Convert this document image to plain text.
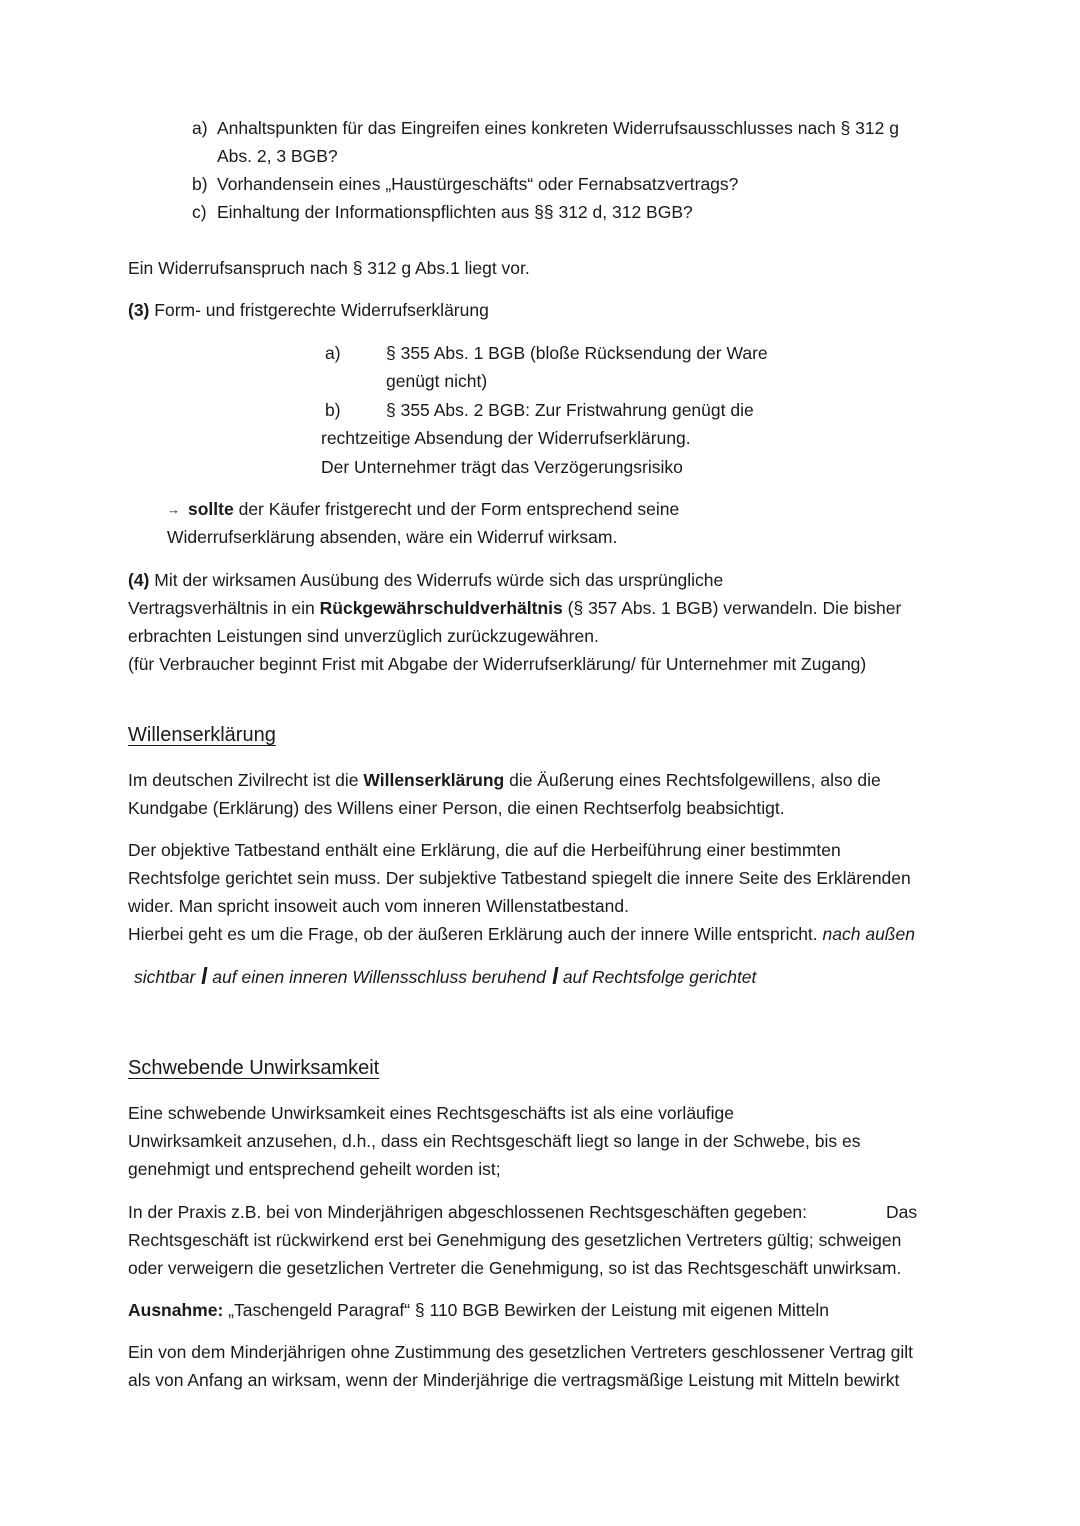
a) Anhaltspunkten für das Eingreifen eines konkreten Widerrufsausschlusses nach § 312 g
Abs. 2, 3 BGB?
b) Vorhandensein eines „Haustürgeschäfts“ oder Fernabsatzvertrags?
c) Einhaltung der Informationspflichten aus §§ 312 d, 312 BGB?
Ein Widerrufsanspruch nach § 312 g Abs.1 liegt vor.
(3) Form- und fristgerechte Widerrufserklärung
a)	§ 355 Abs. 1 BGB (bloße Rücksendung der Ware
genügt nicht)
b)	§ 355 Abs. 2 BGB: Zur Fristwahrung genügt die
rechtzeitige Absendung der Widerrufserklärung.
Der Unternehmer trägt das Verzögerungsrisiko
→ sollte der Käufer fristgerecht und der Form entsprechend seine
Widerrufserklärung absenden, wäre ein Widerruf wirksam.
(4) Mit der wirksamen Ausübung des Widerrufs würde sich das ursprüngliche
Vertragsverhältnis in ein Rückgewährschuldverhältnis (§ 357 Abs. 1 BGB) verwandeln. Die bisher
erbrachten Leistungen sind unverzüglich zurückzugewähren.
(für Verbraucher beginnt Frist mit Abgabe der Widerrufserklärung/ für Unternehmer mit Zugang)
Willenserklärung
Im deutschen Zivilrecht ist die Willenserklärung die Äußerung eines Rechtsfolgewillens, also die
Kundgabe (Erklärung) des Willens einer Person, die einen Rechtserfolg beabsichtigt.
Der objektive Tatbestand enthält eine Erklärung, die auf die Herbeiführung einer bestimmten
Rechtsfolge gerichtet sein muss. Der subjektive Tatbestand spiegelt die innere Seite des Erklärenden
wider. Man spricht insoweit auch vom inneren Willenstatbestand.
Hierbei geht es um die Frage, ob der äußeren Erklärung auch der innere Wille entspricht. nach außen
sichtbar auf einen inneren Willensschluss beruhend auf Rechtsfolge gerichtet
Schwebende Unwirksamkeit
Eine schwebende Unwirksamkeit eines Rechtsgeschäfts ist als eine vorläufige
Unwirksamkeit anzusehen, d.h., dass ein Rechtsgeschäft liegt so lange in der Schwebe, bis es
genehmigt und entsprechend geheilt worden ist;
In der Praxis z.B. bei von Minderjährigen abgeschlossenen Rechtsgeschäften gegeben:	Das
Rechtsgeschäft ist rückwirkend erst bei Genehmigung des gesetzlichen Vertreters gültig; schweigen
oder verweigern die gesetzlichen Vertreter die Genehmigung, so ist das Rechtsgeschäft unwirksam.
Ausnahme: „Taschengeld Paragraf“ § 110 BGB Bewirken der Leistung mit eigenen Mitteln
Ein von dem Minderjährigen ohne Zustimmung des gesetzlichen Vertreters geschlossener Vertrag gilt
als von Anfang an wirksam, wenn der Minderjährige die vertragsmäßige Leistung mit Mitteln bewirkt
